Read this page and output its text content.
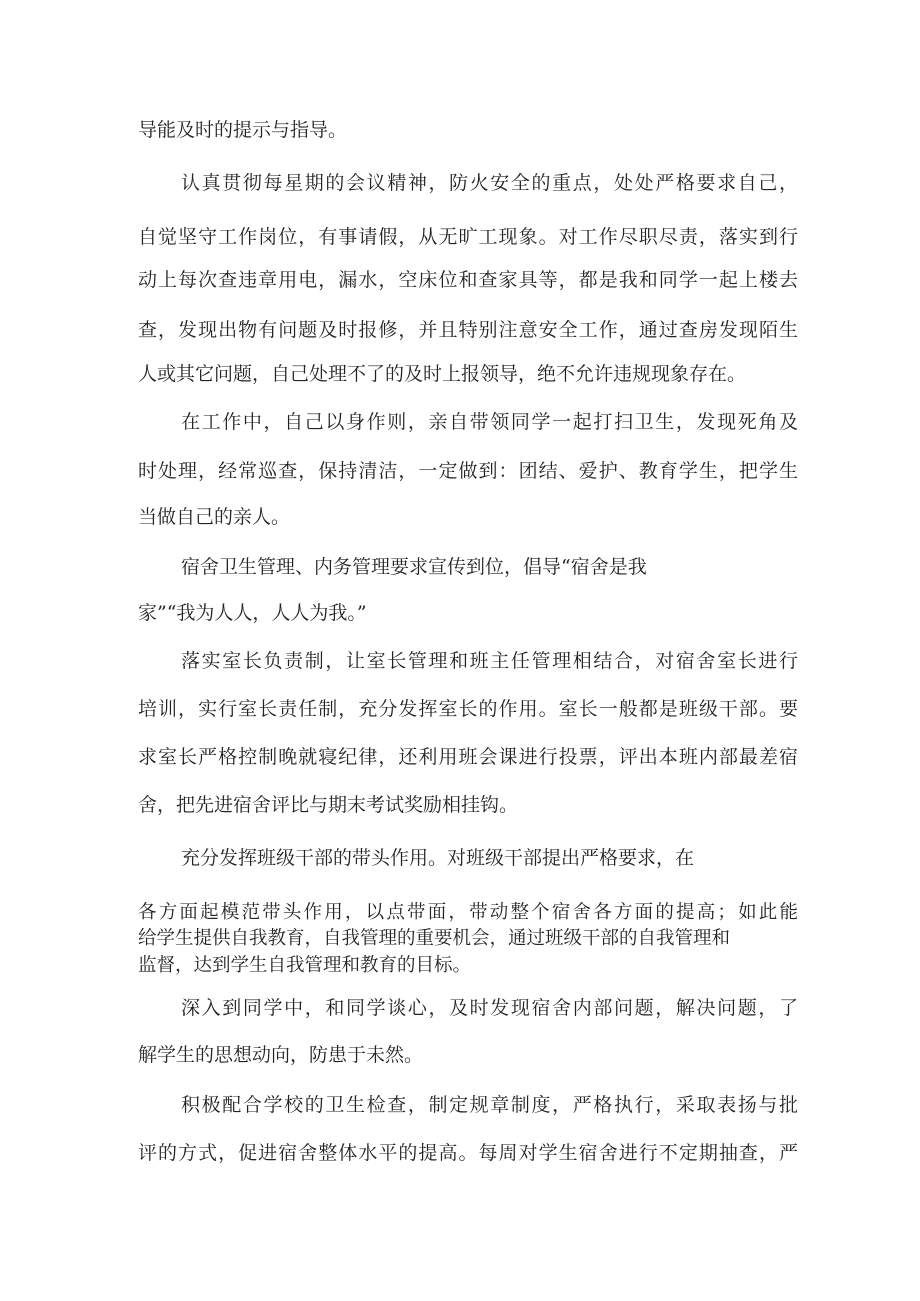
导能及时的提示与指导。
认真贯彻每星期的会议精神，防火安全的重点，处处严格要求自己，
自觉坚守工作岗位，有事请假，从无旷工现象。对工作尽职尽责，落实到行
动上每次查违章用电，漏水，空床位和查家具等，都是我和同学一起上楼去
查，发现出物有问题及时报修，并且特别注意安全工作，通过查房发现陌生
人或其它问题，自己处理不了的及时上报领导，绝不允许违规现象存在。
在工作中，自己以身作则，亲自带领同学一起打扫卫生，发现死角及
时处理，经常巡查，保持清洁，一定做到：团结、爱护、教育学生，把学生
当做自己的亲人。
宿舍卫生管理、内务管理要求宣传到位，倡导“宿舍是我
家”“我为人人，人人为我。”
落实室长负责制，让室长管理和班主任管理相结合，对宿舍室长进行
培训，实行室长责任制，充分发挥室长的作用。室长一般都是班级干部。要
求室长严格控制晚就寝纪律，还利用班会课进行投票，评出本班内部最差宿
舍，把先进宿舍评比与期末考试奖励相挂钩。
充分发挥班级干部的带头作用。对班级干部提出严格要求，在
各方面起模范带头作用，以点带面，带动整个宿舍各方面的提高；如此能
给学生提供自我教育，自我管理的重要机会，通过班级干部的自我管理和
监督，达到学生自我管理和教育的目标。
深入到同学中，和同学谈心，及时发现宿舍内部问题，解决问题，了
解学生的思想动向，防患于未然。
积极配合学校的卫生检查，制定规章制度，严格执行，采取表扬与批
评的方式，促进宿舍整体水平的提高。每周对学生宿舍进行不定期抽查，严
